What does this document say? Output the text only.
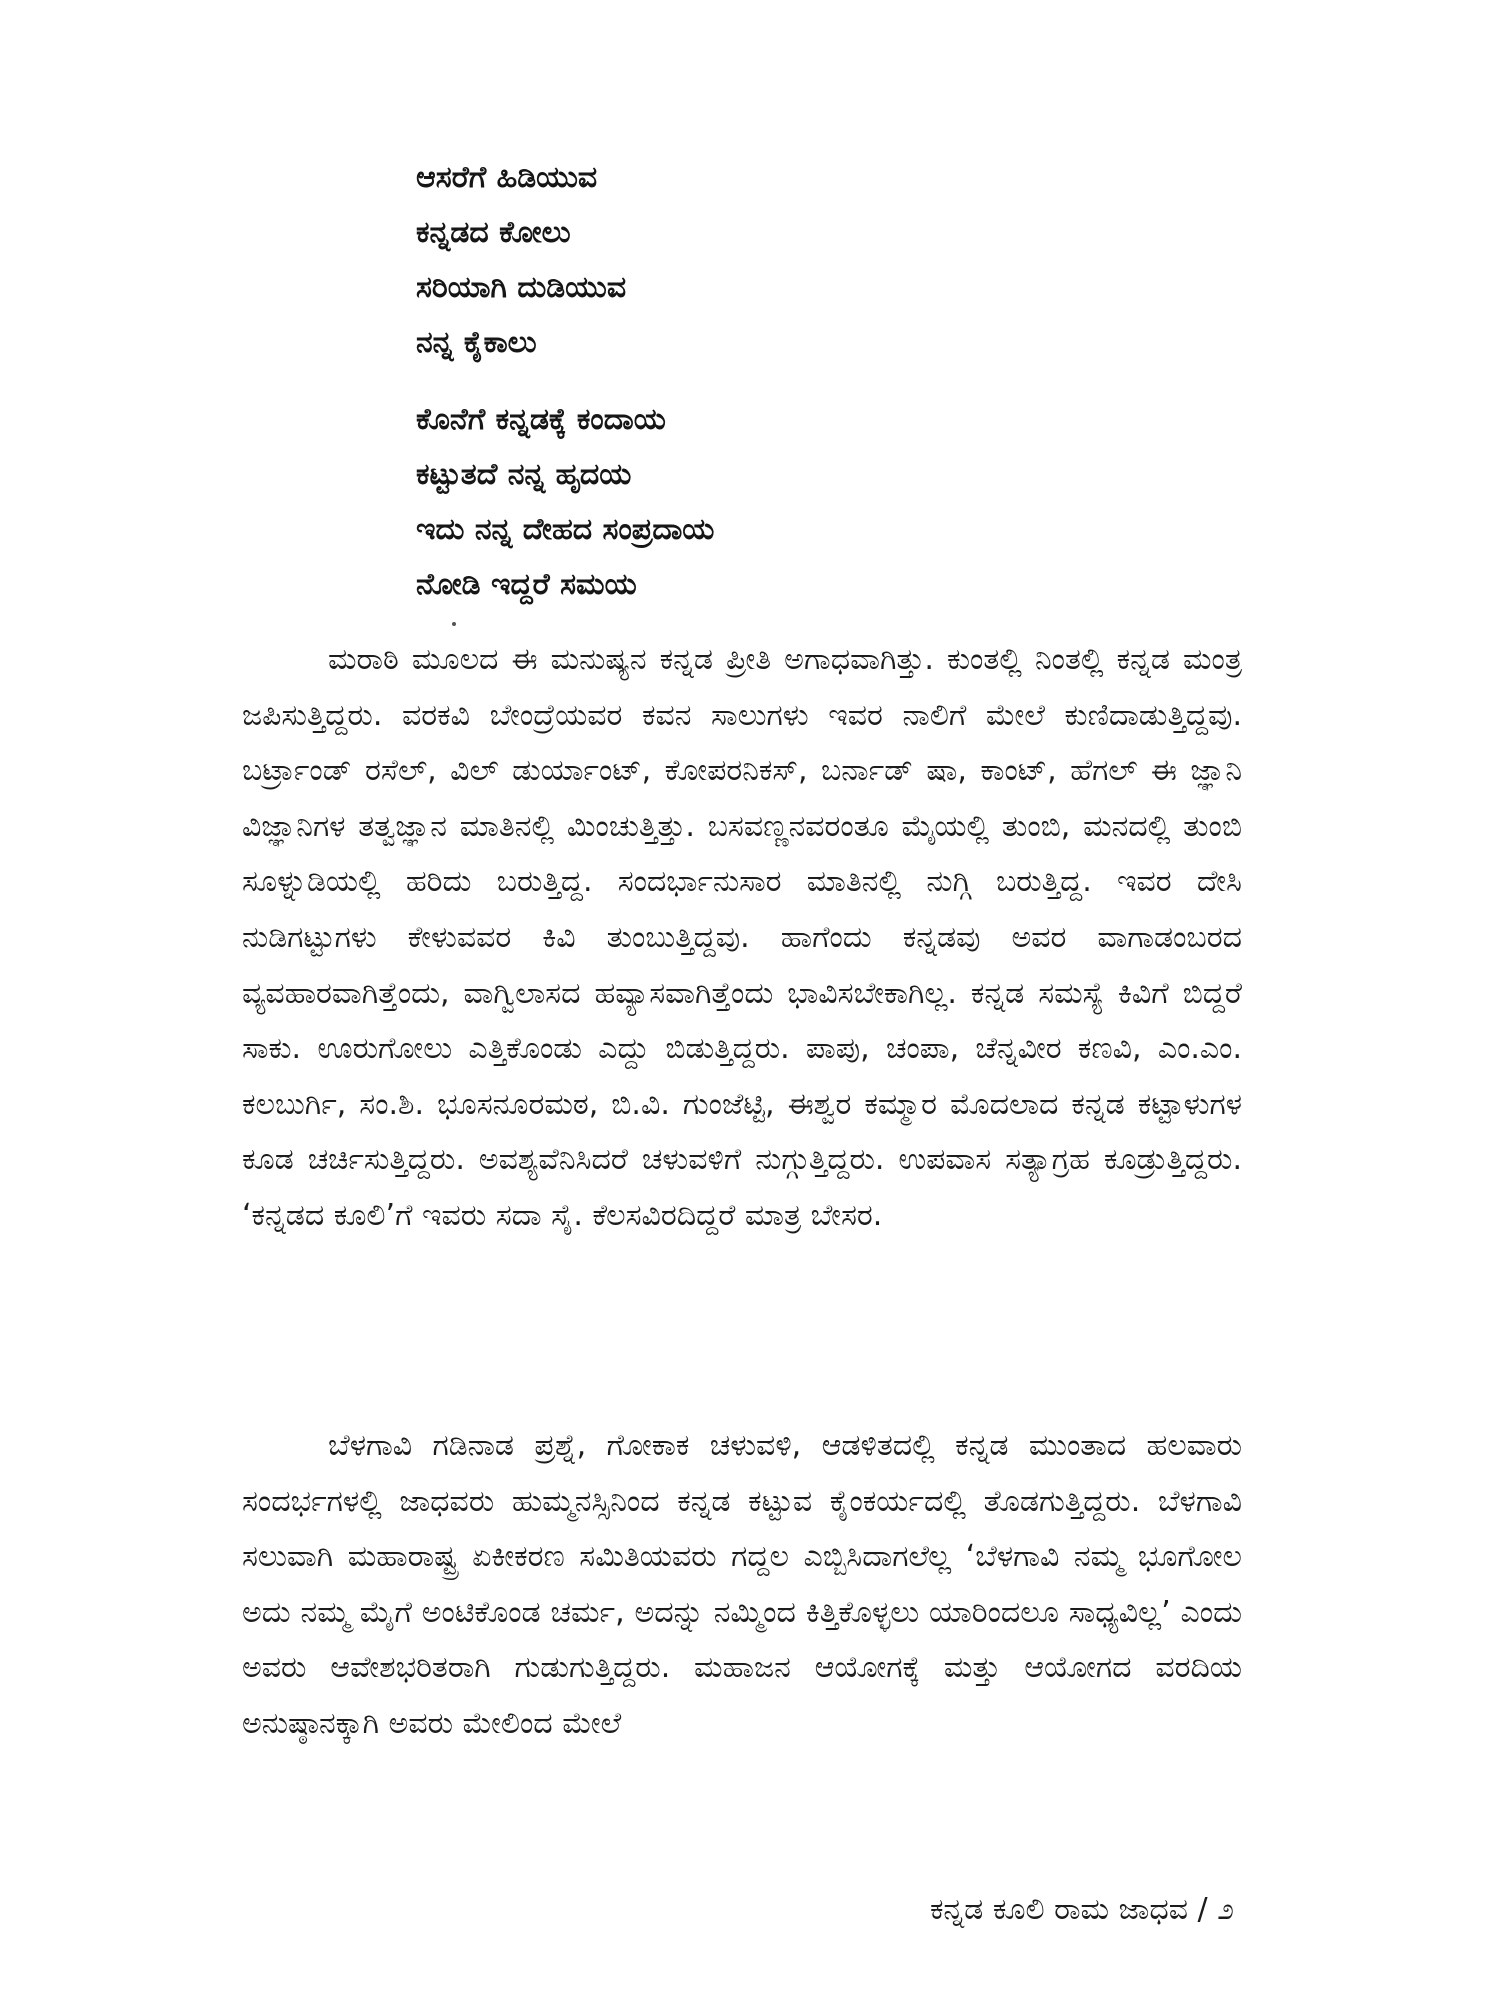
ಆಸರೆಗೆ ಹಿಡಿಯುವ
ಕನ್ನಡದ ಕೋಲು
ಸರಿಯಾಗಿ ದುಡಿಯುವ
ನನ್ನ ಕೈಕಾಲು
ಕೊನೆಗೆ ಕನ್ನಡಕ್ಕೆ ಕಂದಾಯ
ಕಟ್ಟುತದೆ ನನ್ನ ಹೃದಯ
ಇದು ನನ್ನ ದೇಹದ ಸಂಪ್ರದಾಯ
ನೋಡಿ ಇದ್ದರೆ ಸಮಯ

ಮರಾಠಿ ಮೂಲದ ಈ ಮನುಷ್ಯನ ಕನ್ನಡ ಪ್ರೀತಿ ಅಗಾಧವಾಗಿತ್ತು. ಕುಂತಲ್ಲಿ ನಿಂತಲ್ಲಿ ಕನ್ನಡ ಮಂತ್ರ ಜಪಿಸುತ್ತಿದ್ದರು. ವರಕವಿ ಬೇಂದ್ರೆಯವರ ಕವನ ಸಾಲುಗಳು ಇವರ ನಾಲಿಗೆ ಮೇಲೆ ಕುಣಿದಾಡುತ್ತಿದ್ದವು. ಬರ್ಟ್ರಾಂಡ್ ರಸೆಲ್, ವಿಲ್ ಡುರ್ಯಾಂಟ್, ಕೋಪರನಿಕಸ್, ಬರ್ನಾಡ್ ಷಾ, ಕಾಂಟ್, ಹೆಗಲ್ ಈ ಜ್ಞಾನಿ ವಿಜ್ಞಾನಿಗಳ ತತ್ವಜ್ಞಾನ ಮಾತಿನಲ್ಲಿ ಮಿಂಚುತ್ತಿತ್ತು. ಬಸವಣ್ಣನವರಂತೂ ಮೈಯಲ್ಲಿ ತುಂಬಿ, ಮನದಲ್ಲಿ ತುಂಬಿ ಸೂಳ್ನುಡಿಯಲ್ಲಿ ಹರಿದು ಬರುತ್ತಿದ್ದ. ಸಂದರ್ಭಾನುಸಾರ ಮಾತಿನಲ್ಲಿ ನುಗ್ಗಿ ಬರುತ್ತಿದ್ದ. ಇವರ ದೇಸಿ ನುಡಿಗಟ್ಟುಗಳು ಕೇಳುವವರ ಕಿವಿ ತುಂಬುತ್ತಿದ್ದವು. ಹಾಗೆಂದು ಕನ್ನಡವು ಅವರ ವಾಗಾಡಂಬರದ ವ್ಯವಹಾರವಾಗಿತ್ತೆಂದು, ವಾಗ್ವಿಲಾಸದ ಹವ್ಯಾಸವಾಗಿತ್ತೆಂದು ಭಾವಿಸಬೇಕಾಗಿಲ್ಲ. ಕನ್ನಡ ಸಮಸ್ಯೆ ಕಿವಿಗೆ ಬಿದ್ದರೆ ಸಾಕು. ಊರುಗೋಲು ಎತ್ತಿಕೊಂಡು ಎದ್ದು ಬಿಡುತ್ತಿದ್ದರು. ಪಾಪು, ಚಂಪಾ, ಚೆನ್ನವೀರ ಕಣವಿ, ಎಂ.ಎಂ. ಕಲಬುರ್ಗಿ, ಸಂ.ಶಿ. ಭೂಸನೂರಮಠ, ಬಿ.ವಿ. ಗುಂಜೆಟ್ಟಿ, ಈಶ್ವರ ಕಮ್ಮಾರ ಮೊದಲಾದ ಕನ್ನಡ ಕಟ್ಟಾಳುಗಳ ಕೂಡ ಚರ್ಚಿಸುತ್ತಿದ್ದರು. ಅವಶ್ಯವೆನಿಸಿದರೆ ಚಳುವಳಿಗೆ ನುಗ್ಗುತ್ತಿದ್ದರು. ಉಪವಾಸ ಸತ್ಯಾಗ್ರಹ ಕೂಡ್ರುತ್ತಿದ್ದರು. ‘ಕನ್ನಡದ ಕೂಲಿ’ಗೆ ಇವರು ಸದಾ ಸೈ. ಕೆಲಸವಿರದಿದ್ದರೆ ಮಾತ್ರ ಬೇಸರ.

ಬೆಳಗಾವಿ ಗಡಿನಾಡ ಪ್ರಶ್ನೆ, ಗೋಕಾಕ ಚಳುವಳಿ, ಆಡಳಿತದಲ್ಲಿ ಕನ್ನಡ ಮುಂತಾದ ಹಲವಾರು ಸಂದರ್ಭಗಳಲ್ಲಿ ಜಾಧವರು ಹುಮ್ಮನಸ್ಸಿನಿಂದ ಕನ್ನಡ ಕಟ್ಟುವ ಕೈಂಕರ್ಯದಲ್ಲಿ ತೊಡಗುತ್ತಿದ್ದರು. ಬೆಳಗಾವಿ ಸಲುವಾಗಿ ಮಹಾರಾಷ್ಟ್ರ ಏಕೀಕರಣ ಸಮಿತಿಯವರು ಗದ್ದಲ ಎಬ್ಬಿಸಿದಾಗಲೆಲ್ಲ ‘ಬೆಳಗಾವಿ ನಮ್ಮ ಭೂಗೋಲ ಅದು ನಮ್ಮ ಮೈಗೆ ಅಂಟಿಕೊಂಡ ಚರ್ಮ, ಅದನ್ನು ನಮ್ಮಿಂದ ಕಿತ್ತಿಕೊಳ್ಳಲು ಯಾರಿಂದಲೂ ಸಾಧ್ಯವಿಲ್ಲ’ ಎಂದು ಅವರು ಆವೇಶಭರಿತರಾಗಿ ಗುಡುಗುತ್ತಿದ್ದರು. ಮಹಾಜನ ಆಯೋಗಕ್ಕೆ ಮತ್ತು ಆಯೋಗದ ವರದಿಯ ಅನುಷ್ಠಾನಕ್ಕಾಗಿ ಅವರು ಮೇಲಿಂದ ಮೇಲೆ

ಕನ್ನಡ ಕೂಲಿ ರಾಮ ಜಾಧವ / ೨
